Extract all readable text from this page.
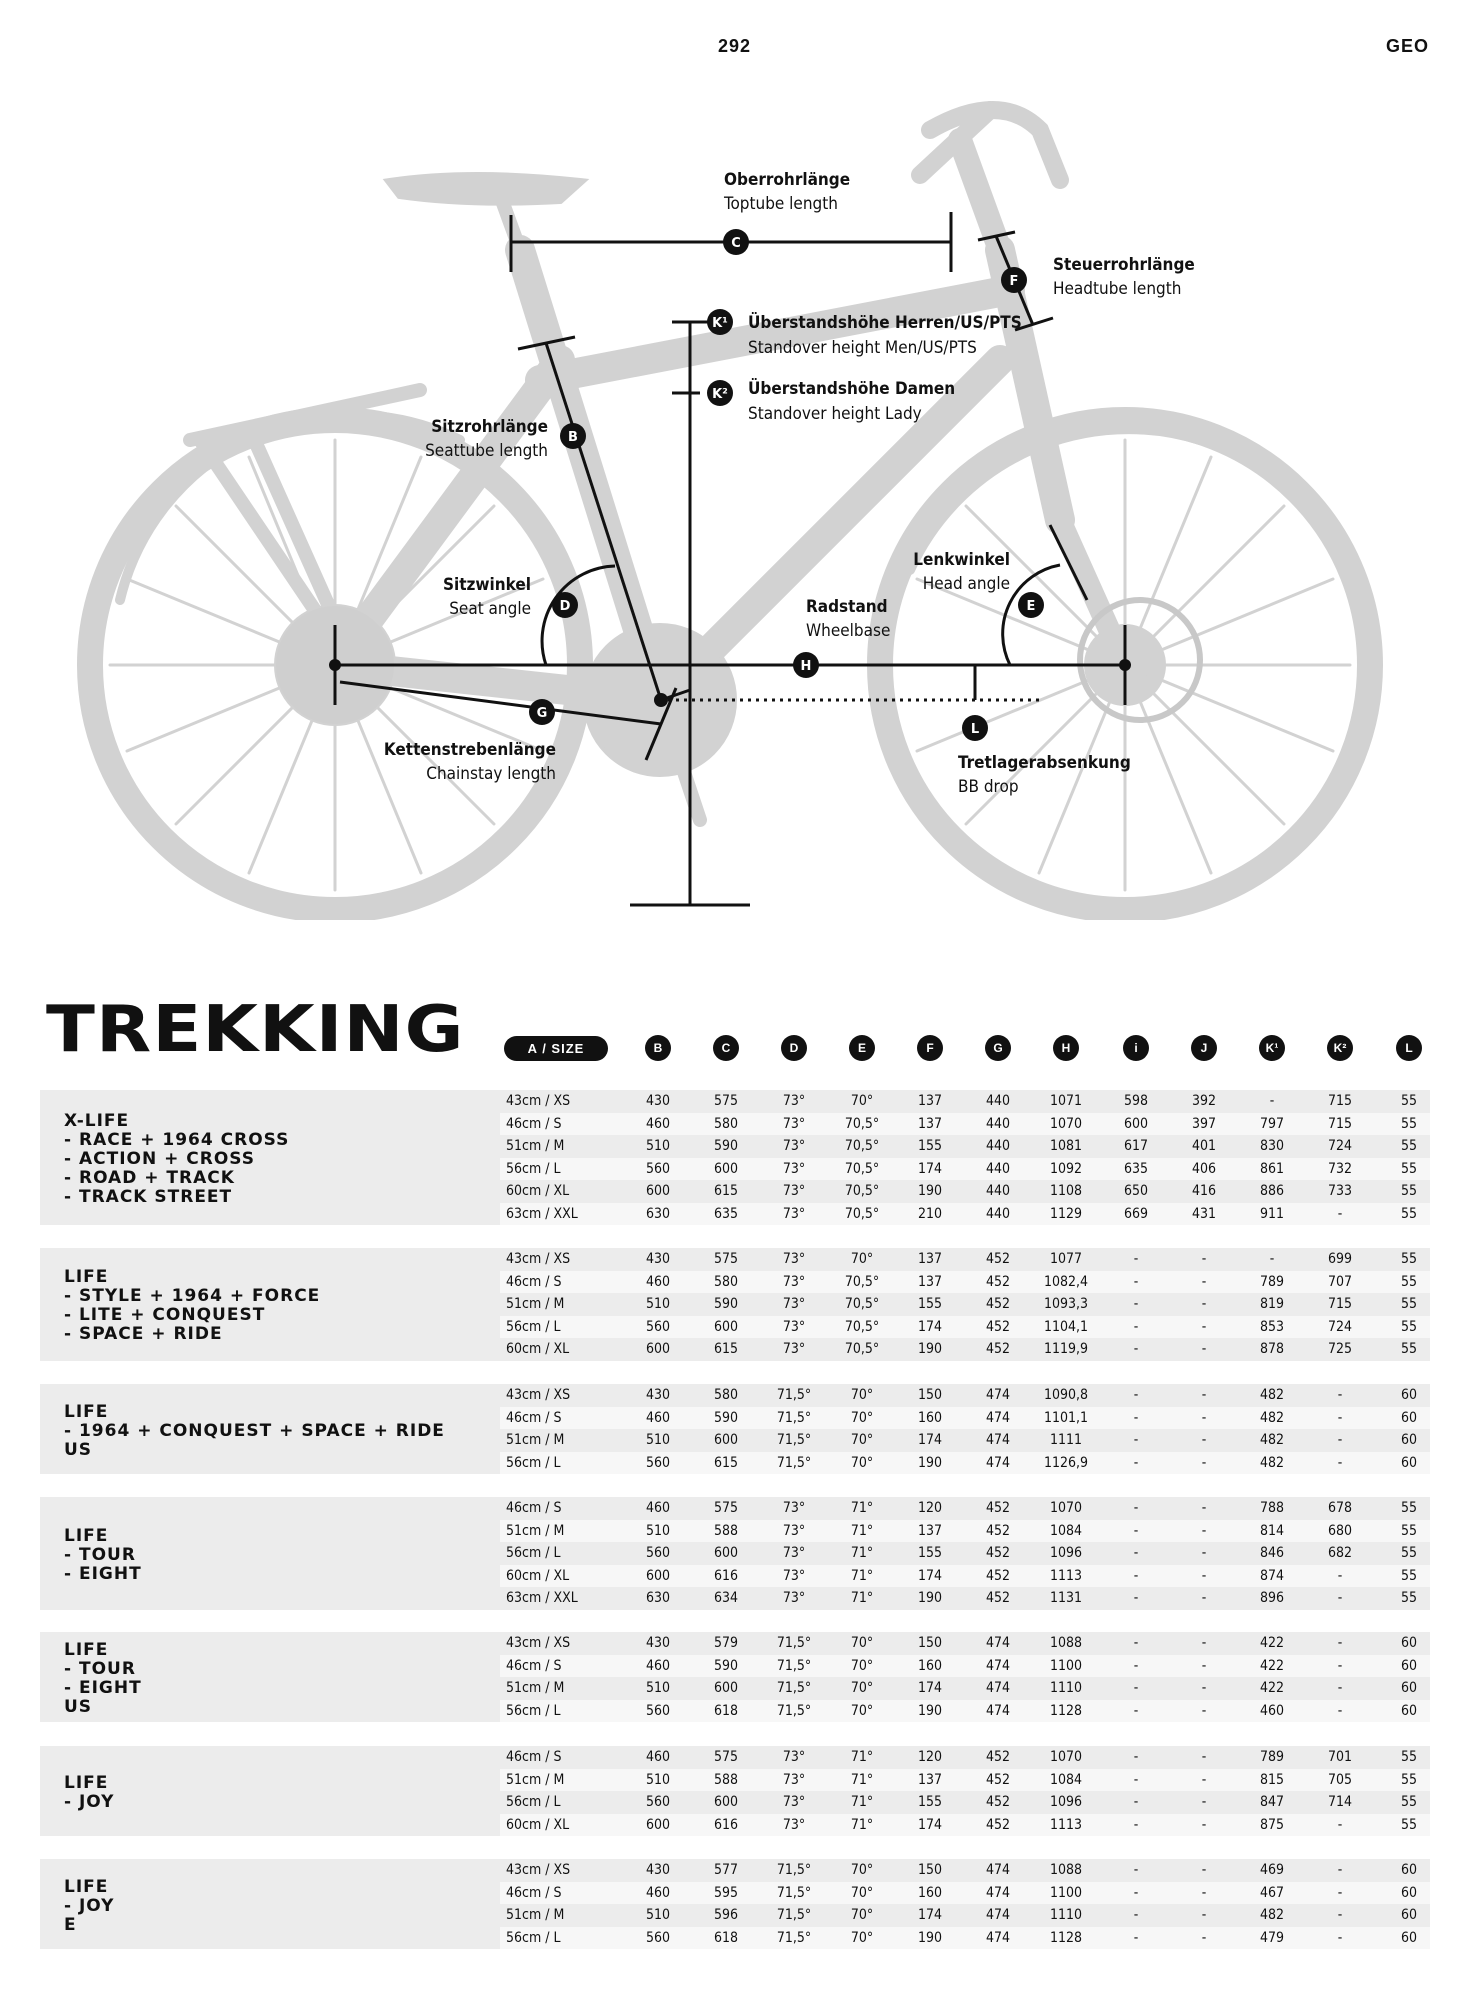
292	GEO
C
F
K¹
K²
B
D	E
H
G
L
Oberrohrlänge
Toptube length
Steuerrohrlänge
Headtube length
Überstandshöhe Herren/US/PTS
Standover height Men/US/PTS
Überstandshöhe Damen
Standover height Lady
Sitzrohrlänge
Seattube length
Sitzwinkel
Seat angle
Lenkwinkel
Head angle
Radstand
Wheelbase
Kettenstrebenlänge
Chainstay length
Tretlagerabsenkung
BB drop
TREKKING	A / SIZE	B	C	D	E	F	G	H	i	J	K¹	K²	L
43cm / XS	430	575	73°	70°	137	440	1071	598	392	-	715	55
46cm / S	460	580	73°	70,5°	137	440	1070	600	397	797	715	55
51cm / M	510	590	73°	70,5°	155	440	1081	617	401	830	724	55
56cm / L	560	600	73°	70,5°	174	440	1092	635	406	861	732	55
60cm / XL	600	615	73°	70,5°	190	440	1108	650	416	886	733	55
63cm / XXL	630	635	73°	70,5°	210	440	1129	669	431	911	-	55
X-LIFE
- RACE + 1964 CROSS
- ACTION + CROSS
- ROAD + TRACK
- TRACK STREET
43cm / XS	430	575	73°	70°	137	452	1077	-	-	-	699	55
46cm / S	460	580	73°	70,5°	137	452	1082,4	-	-	789	707	55
51cm / M	510	590	73°	70,5°	155	452	1093,3	-	-	819	715	55
56cm / L	560	600	73°	70,5°	174	452	1104,1	-	-	853	724	55
60cm / XL	600	615	73°	70,5°	190	452	1119,9	-	-	878	725	55
LIFE
- STYLE + 1964 + FORCE
- LITE + CONQUEST
- SPACE + RIDE
43cm / XS	430	580	71,5°	70°	150	474	1090,8	-	-	482	-	60
46cm / S	460	590	71,5°	70°	160	474	1101,1	-	-	482	-	60
51cm / M	510	600	71,5°	70°	174	474	1111	-	-	482	-	60
56cm / L	560	615	71,5°	70°	190	474	1126,9	-	-	482	-	60
LIFE
- 1964 + CONQUEST + SPACE + RIDE
US
46cm / S	460	575	73°	71°	120	452	1070	-	-	788	678	55
51cm / M	510	588	73°	71°	137	452	1084	-	-	814	680	55
56cm / L	560	600	73°	71°	155	452	1096	-	-	846	682	55
60cm / XL	600	616	73°	71°	174	452	1113	-	-	874	-	55
63cm / XXL	630	634	73°	71°	190	452	1131	-	-	896	-	55
LIFE
- TOUR
- EIGHT
43cm / XS	430	579	71,5°	70°	150	474	1088	-	-	422	-	60
46cm / S	460	590	71,5°	70°	160	474	1100	-	-	422	-	60
51cm / M	510	600	71,5°	70°	174	474	1110	-	-	422	-	60
56cm / L	560	618	71,5°	70°	190	474	1128	-	-	460	-	60
LIFE
- TOUR
- EIGHT
US
46cm / S	460	575	73°	71°	120	452	1070	-	-	789	701	55
51cm / M	510	588	73°	71°	137	452	1084	-	-	815	705	55
56cm / L	560	600	73°	71°	155	452	1096	-	-	847	714	55
60cm / XL	600	616	73°	71°	174	452	1113	-	-	875	-	55
LIFE
- JOY
43cm / XS	430	577	71,5°	70°	150	474	1088	-	-	469	-	60
46cm / S	460	595	71,5°	70°	160	474	1100	-	-	467	-	60
51cm / M	510	596	71,5°	70°	174	474	1110	-	-	482	-	60
56cm / L	560	618	71,5°	70°	190	474	1128	-	-	479	-	60
LIFE
- JOY
E
